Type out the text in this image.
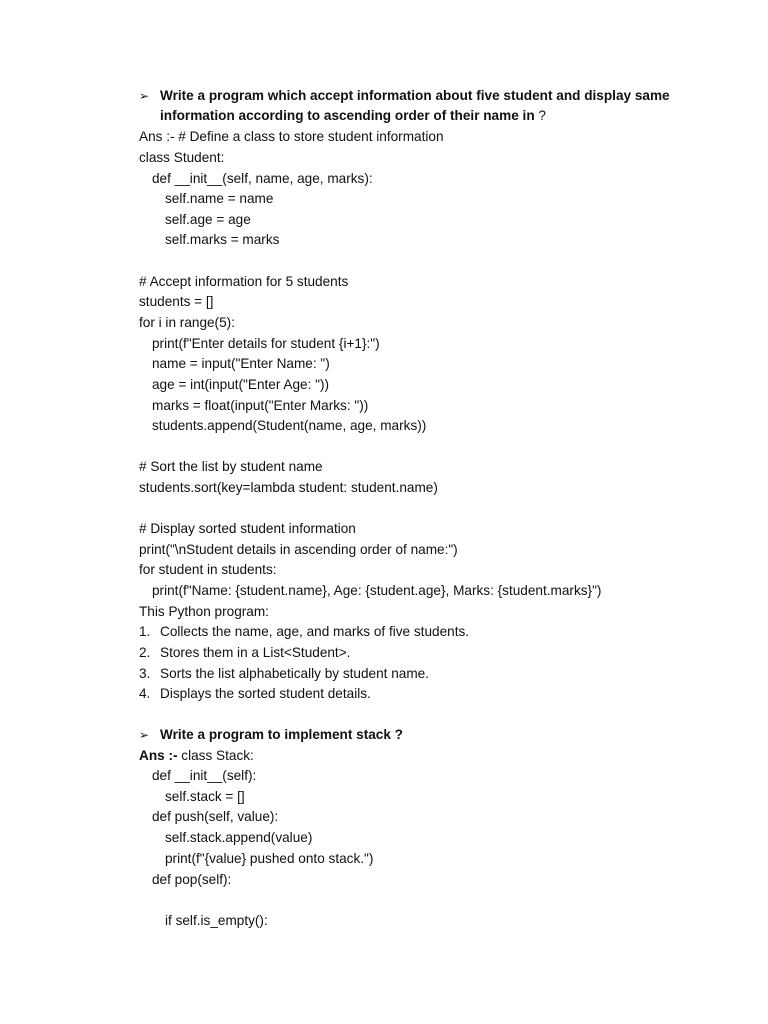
➢ Write a program which accept information about five student and display same
information according to ascending order of their name in ?
Ans :- # Define a class to store student information
class Student:
def __init__(self, name, age, marks):
self.name = name
self.age = age
self.marks = marks
# Accept information for 5 students
students = []
for i in range(5):
print(f"Enter details for student {i+1}:")
name = input("Enter Name: ")
age = int(input("Enter Age: "))
marks = float(input("Enter Marks: "))
students.append(Student(name, age, marks))
# Sort the list by student name
students.sort(key=lambda student: student.name)
# Display sorted student information
print("\nStudent details in ascending order of name:")
for student in students:
print(f"Name: {student.name}, Age: {student.age}, Marks: {student.marks}")
This Python program:
1. Collects the name, age, and marks of five students.
2. Stores them in a List<Student>.
3. Sorts the list alphabetically by student name.
4. Displays the sorted student details.
➢ Write a program to implement stack ?
Ans :- class Stack:
def __init__(self):
self.stack = []
def push(self, value):
self.stack.append(value)
print(f"{value} pushed onto stack.")
def pop(self):
if self.is_empty():
